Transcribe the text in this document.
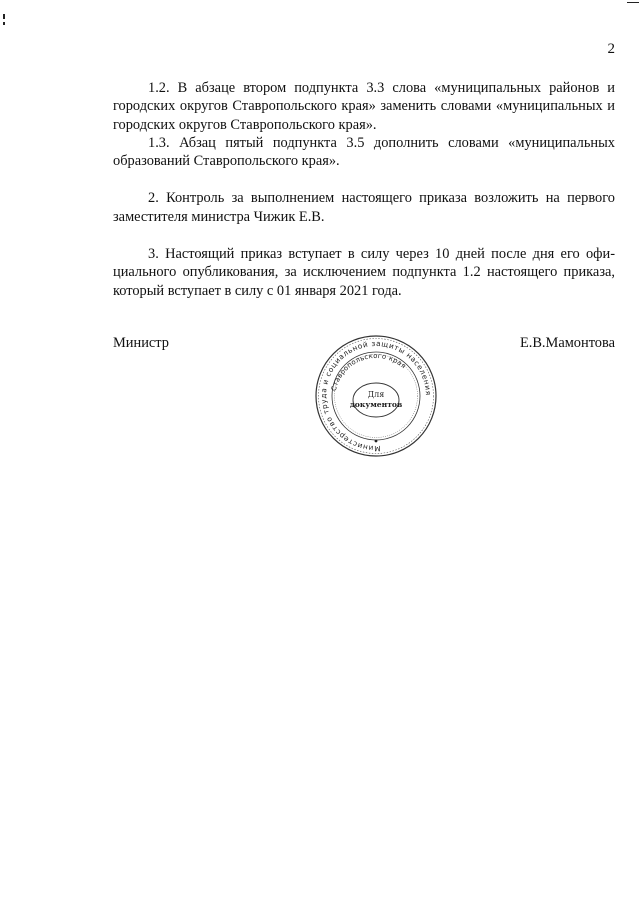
2

1.2. В абзаце втором подпункта 3.3 слова «муниципальных районов и городских округов Ставропольского края» заменить словами «муниципальных и городских округов Ставропольского края».

1.3. Абзац пятый подпункта 3.5 дополнить словами «муниципальных образований Ставропольского края».

2. Контроль за выполнением настоящего приказа возложить на первого заместителя министра Чижик Е.В.

3. Настоящий приказ вступает в силу через 10 дней после дня его официального опубликования, за исключением подпункта 1.2 настоящего приказа, который вступает в силу с 01 января 2021 года.

Министр	Е.В.Мамонтова
Министерство труда и социальной защиты населения
Ставропольского края
Для
документов
